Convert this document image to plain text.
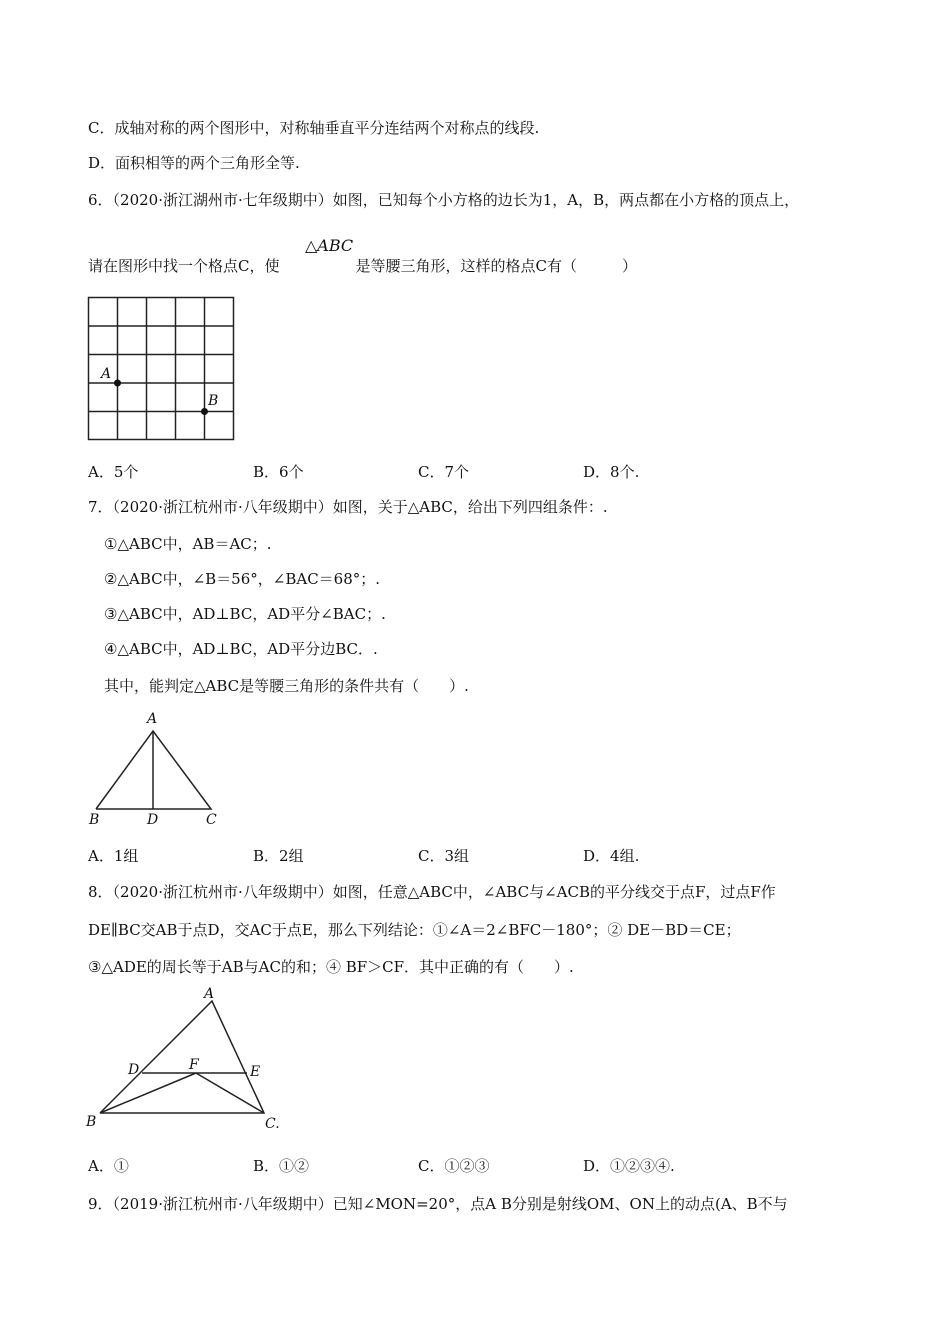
C．成轴对称的两个图形中，对称轴垂直平分连结两个对称点的线段.
D．面积相等的两个三角形全等.
6．（2020·浙江湖州市·七年级期中）如图，已知每个小方格的边长为1，A，B，两点都在小方格的顶点上，
请在图形中找一个格点C，使	是等腰三角形，这样的格点C有（　　　）
△ABC
A
B
A．5个	B．6个	C．7个	D．8个.
7．（2020·浙江杭州市·八年级期中）如图，关于△ABC，给出下列四组条件：.
①△ABC中，AB＝AC；.
②△ABC中，∠B＝56°，∠BAC＝68°；.
③△ABC中，AD⊥BC，AD平分∠BAC；.
④△ABC中，AD⊥BC，AD平分边BC．.
其中，能判定△ABC是等腰三角形的条件共有（　　）.
A
B	D	C
A．1组	B．2组	C．3组	D．4组.
8．（2020·浙江杭州市·八年级期中）如图，任意△ABC中，∠ABC与∠ACB的平分线交于点F，过点F作
DE∥BC交AB于点D，交AC于点E，那么下列结论：①∠A＝2∠BFC－180°；② DE－BD＝CE；
③△ADE的周长等于AB与AC的和；④ BF＞CF．其中正确的有（　　）.
A
D	F	E
B	C.
A．①	B．①②	C．①②③	D．①②③④.
9．（2019·浙江杭州市·八年级期中）已知∠MON=20°，点A B分别是射线OM、ON上的动点(A、B不与
